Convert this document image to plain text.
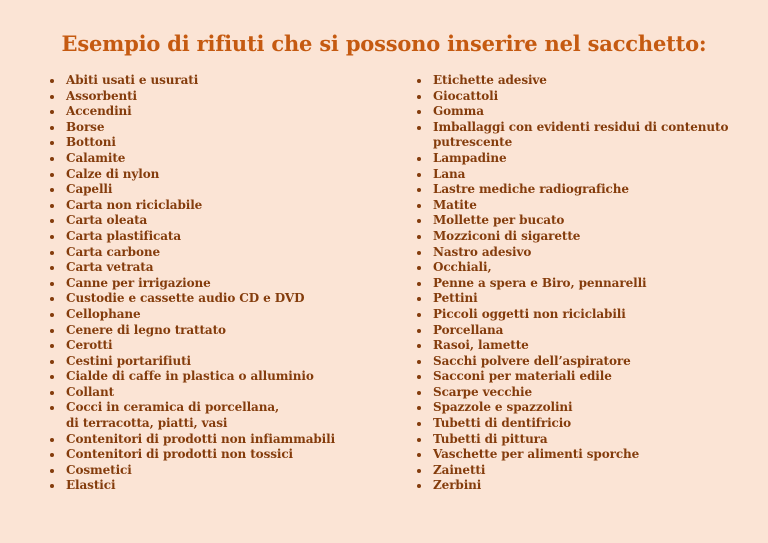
Esempio di rifiuti che si possono inserire nel sacchetto:
Abiti usati e usurati
Assorbenti
Accendini
Borse
Bottoni
Calamite
Calze di nylon
Capelli
Carta non riciclabile
Carta oleata
Carta plastificata
Carta carbone
Carta vetrata
Canne per irrigazione
Custodie e cassette audio CD e DVD
Cellophane
Cenere di legno trattato
Cerotti
Cestini portarifiuti
Cialde di caffe in plastica o alluminio
Collant
Cocci in ceramica di porcellana,
di terracotta, piatti, vasi
Contenitori di prodotti non infiammabili
Contenitori di prodotti non tossici
Cosmetici
Elastici
Etichette adesive
Giocattoli
Gomma
Imballaggi con evidenti residui di contenuto
putrescente
Lampadine
Lana
Lastre mediche radiografiche
Matite
Mollette per bucato
Mozziconi di sigarette
Nastro adesivo
Occhiali,
Penne a spera e Biro, pennarelli
Pettini
Piccoli oggetti non riciclabili
Porcellana
Rasoi, lamette
Sacchi polvere dell’aspiratore
Sacconi per materiali edile
Scarpe vecchie
Spazzole e spazzolini
Tubetti di dentifricio
Tubetti di pittura
Vaschette per alimenti sporche
Zainetti
Zerbini
